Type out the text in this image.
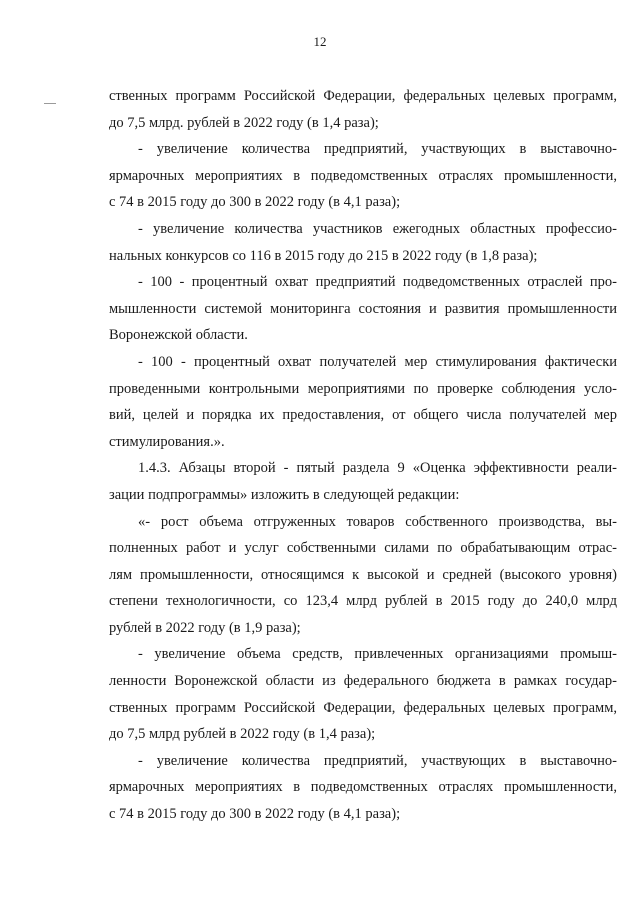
12
ственных программ Российской Федерации, федеральных целевых программ,
до 7,5 млрд. рублей в 2022 году (в 1,4 раза);
- увеличение количества предприятий, участвующих в выставочно-
ярмарочных мероприятиях в подведомственных отраслях промышленности,
с 74 в 2015 году до 300 в 2022 году (в 4,1 раза);
- увеличение количества участников ежегодных областных профессио-
нальных конкурсов со 116 в 2015 году до 215 в 2022 году (в 1,8 раза);
- 100 - процентный охват предприятий подведомственных отраслей про-
мышленности системой мониторинга состояния и развития промышленности
Воронежской области.
- 100 - процентный охват получателей мер стимулирования фактически
проведенными контрольными мероприятиями по проверке соблюдения усло-
вий, целей и порядка их предоставления, от общего числа получателей мер
стимулирования.».
1.4.3. Абзацы второй - пятый раздела 9 «Оценка эффективности реали-
зации подпрограммы» изложить в следующей редакции:
«- рост объема отгруженных товаров собственного производства, вы-
полненных работ и услуг собственными силами по обрабатывающим отрас-
лям промышленности, относящимся к высокой и средней (высокого уровня)
степени технологичности, со 123,4 млрд рублей в 2015 году до 240,0 млрд
рублей в 2022 году (в 1,9 раза);
- увеличение объема средств, привлеченных организациями промыш-
ленности Воронежской области из федерального бюджета в рамках государ-
ственных программ Российской Федерации, федеральных целевых программ,
до 7,5 млрд рублей в 2022 году (в 1,4 раза);
- увеличение количества предприятий, участвующих в выставочно-
ярмарочных мероприятиях в подведомственных отраслях промышленности,
с 74 в 2015 году до 300 в 2022 году (в 4,1 раза);
